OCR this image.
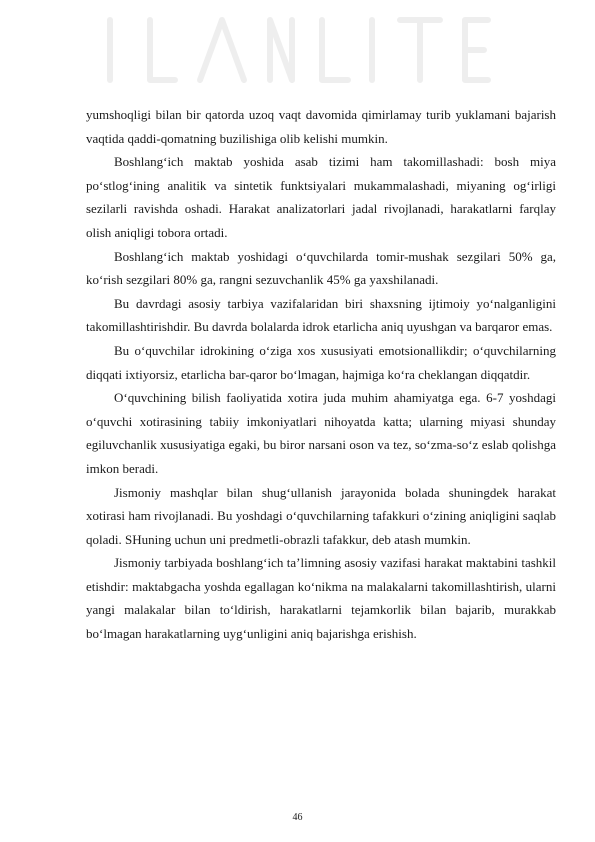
yumshoqligi bilan bir qatorda uzoq vaqt davomida qimirlamay turib yuklamani bajarish vaqtida qaddi-qomatning buzilishiga olib kelishi mumkin.

Boshlang‘ich maktab yoshida asab tizimi ham takomillashadi: bosh miya po‘stlog‘ining analitik va sintetik funktsiyalari mukammalashadi, miyaning og‘irligi sezilarli ravishda oshadi. Harakat analizatorlari jadal rivojlanadi, harakatlarni farqlay olish aniqligi tobora ortadi.

Boshlang‘ich maktab yoshidagi o‘quvchilarda tomir-mushak sezgilari 50% ga, ko‘rish sezgilari 80% ga, rangni sezuvchanlik 45% ga yaxshilanadi.

Bu davrdagi asosiy tarbiya vazifalaridan biri shaxsning ijtimoiy yo‘nalganligini takomillashtirishdir. Bu davrda bolalarda idrok etarlicha aniq uyushgan va barqaror emas.

Bu o‘quvchilar idrokining o‘ziga xos xususiyati emotsionallikdir; o‘quvchilarning diqqati ixtiyorsiz, etarlicha bar-qaror bo‘lmagan, hajmiga ko‘ra cheklangan diqqatdir.

O‘quvchining bilish faoliyatida xotira juda muhim ahamiyatga ega. 6-7 yoshdagi o‘quvchi xotirasining tabiiy imkoniyatlari nihoyatda katta; ularning miyasi shunday egiluvchanlik xususiyatiga egaki, bu biror narsani oson va tez, so‘zma-so‘z eslab qolishga imkon beradi.

Jismoniy mashqlar bilan shug‘ullanish jarayonida bolada shuningdek harakat xotirasi ham rivojlanadi. Bu yoshdagi o‘quvchilarning tafakkuri o‘zining aniqligini saqlab qoladi. SHuning uchun uni predmetli-obrazli tafakkur, deb atash mumkin.

Jismoniy tarbiyada boshlang‘ich ta’limning asosiy vazifasi harakat maktabini tashkil etishdir: maktabgacha yoshda egallagan ko‘nikma na malakalarni takomillashtirish, ularni yangi malakalar bilan to‘ldirish, harakatlarni tejamkorlik bilan bajarib, murakkab bo‘lmagan harakatlarning uyg‘unligini aniq bajarishga erishish.

46
